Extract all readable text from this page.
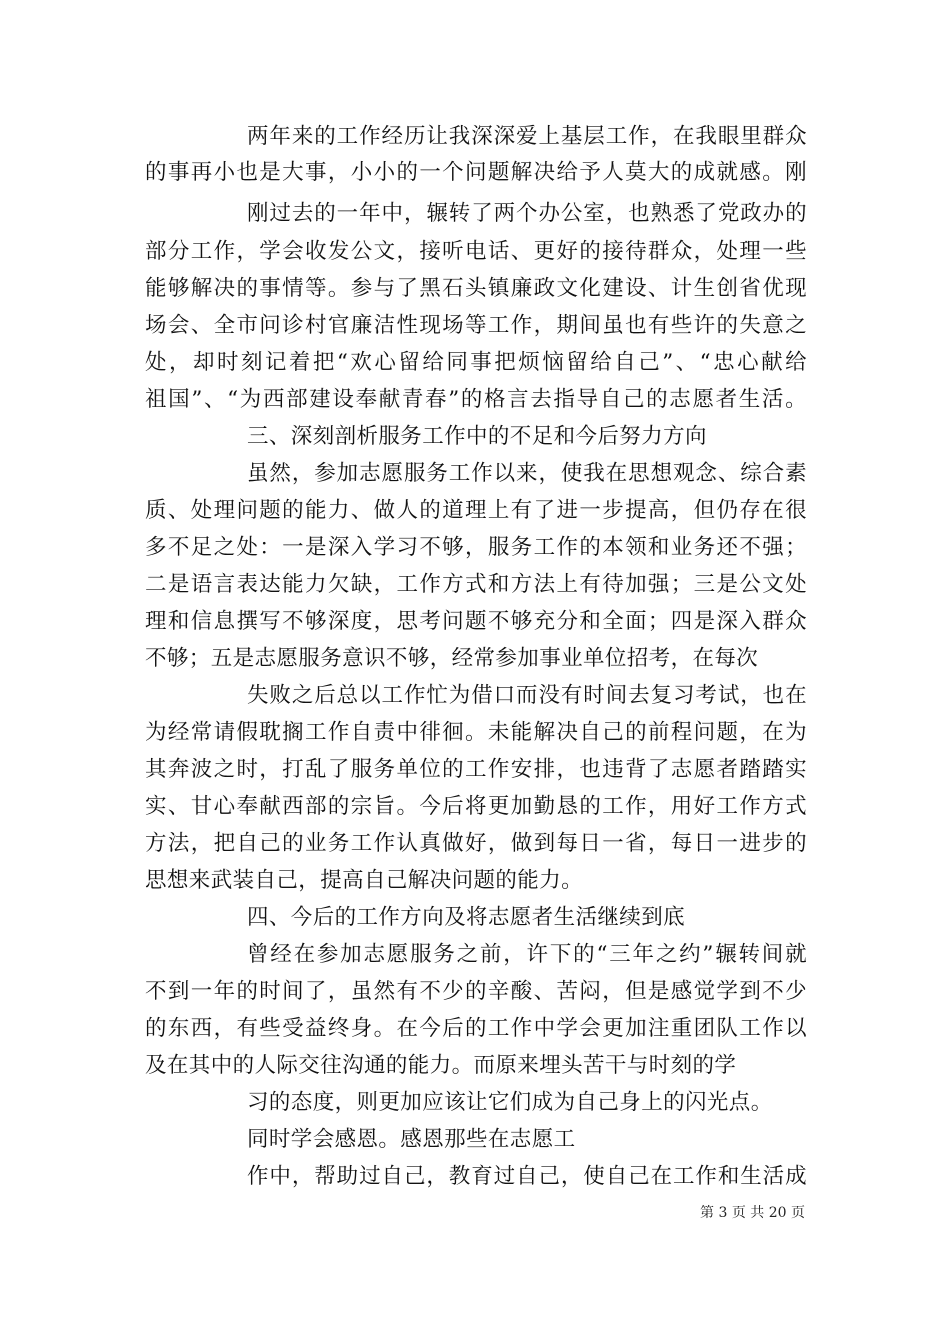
两年来的工作经历让我深深爱上基层工作，在我眼里群众
的事再小也是大事，小小的一个问题解决给予人莫大的成就感。刚
刚过去的一年中，辗转了两个办公室，也熟悉了党政办的
部分工作，学会收发公文，接听电话、更好的接待群众，处理一些
能够解决的事情等。参与了黑石头镇廉政文化建设、计生创省优现
场会、全市问诊村官廉洁性现场等工作，期间虽也有些许的失意之
处，却时刻记着把“欢心留给同事把烦恼留给自己”、“忠心献给
祖国”、“为西部建设奉献青春”的格言去指导自己的志愿者生活。
三、深刻剖析服务工作中的不足和今后努力方向
虽然，参加志愿服务工作以来，使我在思想观念、综合素
质、处理问题的能力、做人的道理上有了进一步提高，但仍存在很
多不足之处：一是深入学习不够，服务工作的本领和业务还不强；
二是语言表达能力欠缺，工作方式和方法上有待加强；三是公文处
理和信息撰写不够深度，思考问题不够充分和全面；四是深入群众
不够；五是志愿服务意识不够，经常参加事业单位招考，在每次
失败之后总以工作忙为借口而没有时间去复习考试，也在
为经常请假耽搁工作自责中徘徊。未能解决自己的前程问题，在为
其奔波之时，打乱了服务单位的工作安排，也违背了志愿者踏踏实
实、甘心奉献西部的宗旨。今后将更加勤恳的工作，用好工作方式
方法，把自己的业务工作认真做好，做到每日一省，每日一进步的
思想来武装自己，提高自己解决问题的能力。
四、今后的工作方向及将志愿者生活继续到底
曾经在参加志愿服务之前，许下的“三年之约”辗转间就
不到一年的时间了，虽然有不少的辛酸、苦闷，但是感觉学到不少
的东西，有些受益终身。在今后的工作中学会更加注重团队工作以
及在其中的人际交往沟通的能力。而原来埋头苦干与时刻的学
习的态度，则更加应该让它们成为自己身上的闪光点。
同时学会感恩。感恩那些在志愿工
作中，帮助过自己，教育过自己，使自己在工作和生活成
第 3 页 共 20 页
